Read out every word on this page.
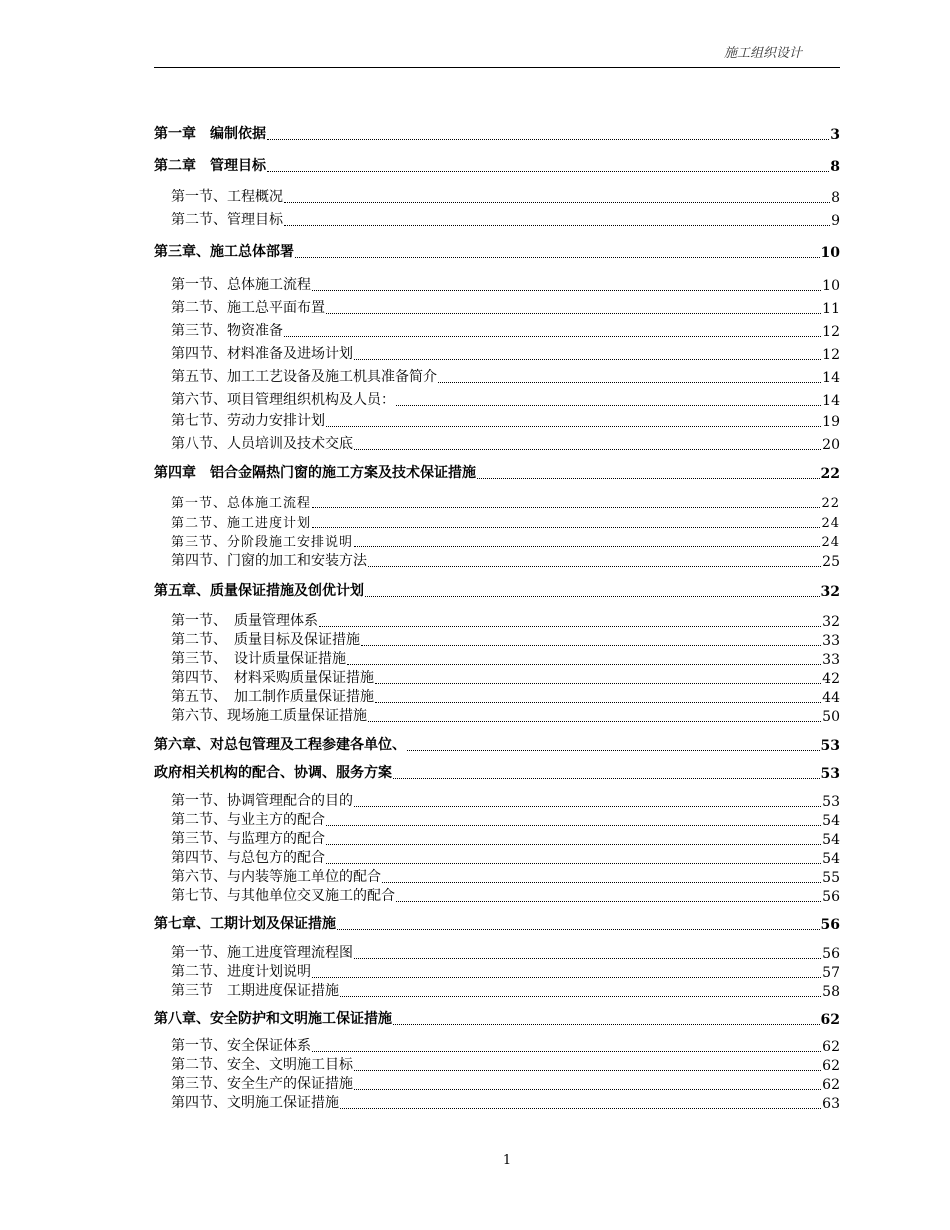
施工组织设计
第一章　编制依据	3
第二章　管理目标	8
第一节、工程概况	8
第二节、管理目标	9
第三章、施工总体部署	10
第一节、总体施工流程	10
第二节、施工总平面布置	11
第三节、物资准备	12
第四节、材料准备及进场计划	12
第五节、加工工艺设备及施工机具准备简介	14
第六节、项目管理组织机构及人员：	14
第七节、劳动力安排计划	19
第八节、人员培训及技术交底	20
第四章　铝合金隔热门窗的施工方案及技术保证措施	22
第一节、总体施工流程	22
第二节、施工进度计划	24
第三节、分阶段施工安排说明	24
第四节、门窗的加工和安装方法	25
第五章、质量保证措施及创优计划	32
第一节、　质量管理体系	32
第二节、　质量目标及保证措施	33
第三节、　设计质量保证措施	33
第四节、　材料采购质量保证措施	42
第五节、　加工制作质量保证措施	44
第六节、现场施工质量保证措施	50
第六章、对总包管理及工程参建各单位、	53
政府相关机构的配合、协调、服务方案	53
第一节、协调管理配合的目的	53
第二节、与业主方的配合	54
第三节、与监理方的配合	54
第四节、与总包方的配合	54
第六节、与内装等施工单位的配合	55
第七节、与其他单位交叉施工的配合	56
第七章、工期计划及保证措施	56
第一节、施工进度管理流程图	56
第二节、进度计划说明	57
第三节　工期进度保证措施	58
第八章、安全防护和文明施工保证措施	62
第一节、安全保证体系	62
第二节、安全、文明施工目标	62
第三节、安全生产的保证措施	62
第四节、文明施工保证措施	63
1
